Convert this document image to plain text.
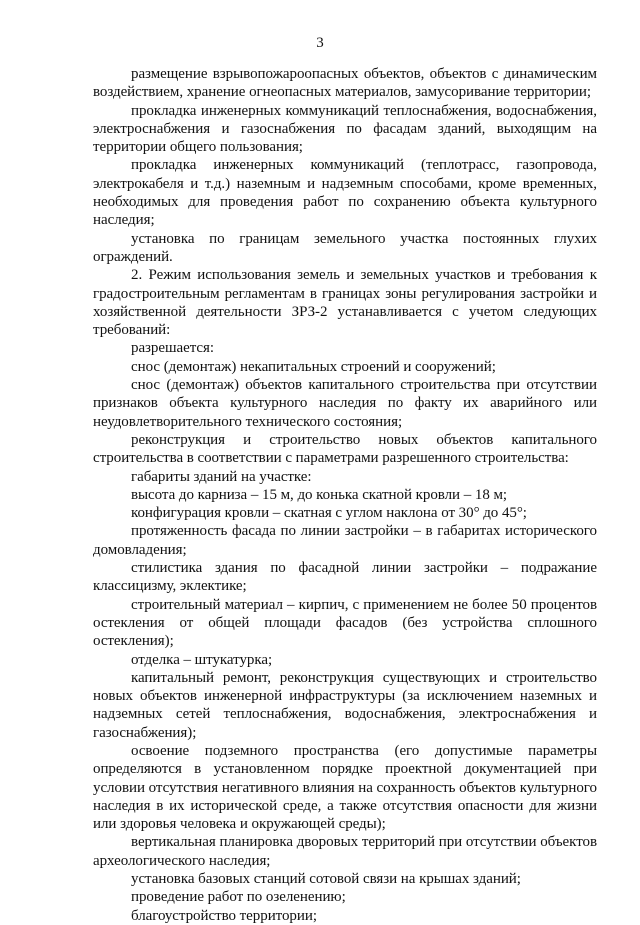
3

размещение взрывопожароопасных объектов, объектов с динамическим воздействием, хранение огнеопасных материалов, замусоривание территории;

прокладка инженерных коммуникаций теплоснабжения, водоснабжения, электроснабжения и газоснабжения по фасадам зданий, выходящим на территории общего пользования;

прокладка инженерных коммуникаций (теплотрасс, газопровода, электрокабеля и т.д.) наземным и надземным способами, кроме временных, необходимых для проведения работ по сохранению объекта культурного наследия;

установка по границам земельного участка постоянных глухих ограждений.

2. Режим использования земель и земельных участков и требования к градостроительным регламентам в границах зоны регулирования застройки и хозяйственной деятельности ЗРЗ-2 устанавливается с учетом следующих требований:

разрешается:

снос (демонтаж) некапитальных строений и сооружений;

снос (демонтаж) объектов капитального строительства при отсутствии признаков объекта культурного наследия по факту их аварийного или неудовлетворительного технического состояния;

реконструкция и строительство новых объектов капитального строительства в соответствии с параметрами разрешенного строительства:

габариты зданий на участке:

высота до карниза – 15 м, до конька скатной кровли – 18 м;

конфигурация кровли – скатная с углом наклона от 30° до 45°;

протяженность фасада по линии застройки – в габаритах исторического домовладения;

стилистика здания по фасадной линии застройки – подражание классицизму, эклектике;

строительный материал – кирпич, с применением не более 50 процентов остекления от общей площади фасадов (без устройства сплошного остекления);

отделка – штукатурка;

капитальный ремонт, реконструкция существующих и строительство новых объектов инженерной инфраструктуры (за исключением наземных и надземных сетей теплоснабжения, водоснабжения, электроснабжения и газоснабжения);

освоение подземного пространства (его допустимые параметры определяются в установленном порядке проектной документацией при условии отсутствия негативного влияния на сохранность объектов культурного наследия в их исторической среде, а также отсутствия опасности для жизни или здоровья человека и окружающей среды);

вертикальная планировка дворовых территорий при отсутствии объектов археологического наследия;

установка базовых станций сотовой связи на крышах зданий;

проведение работ по озеленению;

благоустройство территории;
